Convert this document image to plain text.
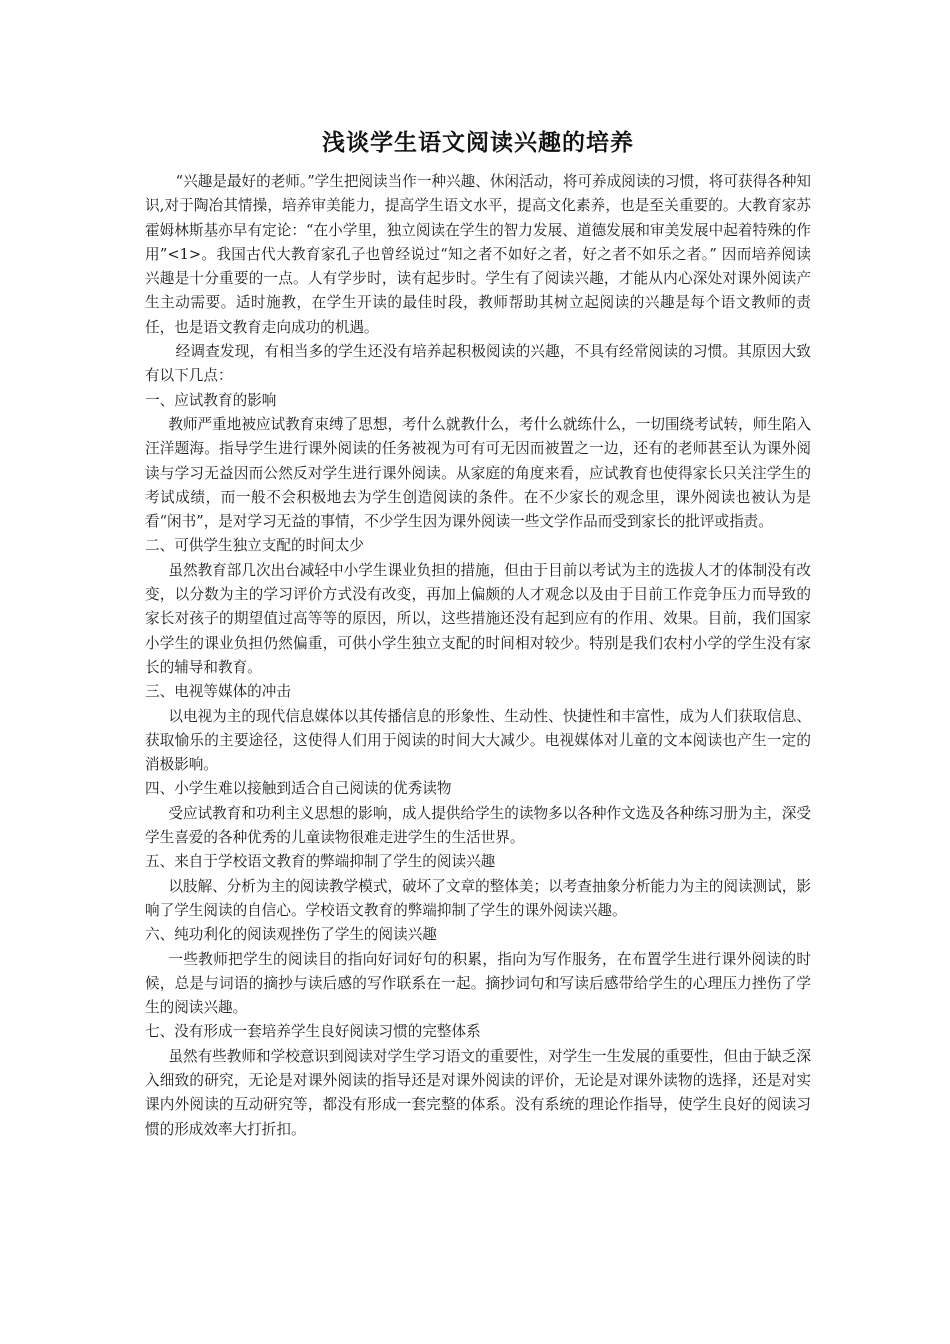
浅谈学生语文阅读兴趣的培养

“兴趣是最好的老师。”学生把阅读当作一种兴趣、休闲活动，将可养成阅读的习惯，将可获得各种知识,对于陶冶其情操，培养审美能力，提高学生语文水平，提高文化素养，也是至关重要的。大教育家苏霍姆林斯基亦早有定论：“在小学里，独立阅读在学生的智力发展、道德发展和审美发展中起着特殊的作用”<1>。我国古代大教育家孔子也曾经说过“知之者不如好之者，好之者不如乐之者。” 因而培养阅读兴趣是十分重要的一点。人有学步时，读有起步时。学生有了阅读兴趣，才能从内心深处对课外阅读产生主动需要。适时施教，在学生开读的最佳时段，教师帮助其树立起阅读的兴趣是每个语文教师的责任，也是语文教育走向成功的机遇。

经调查发现，有相当多的学生还没有培养起积极阅读的兴趣，不具有经常阅读的习惯。其原因大致有以下几点：

一、应试教育的影响

教师严重地被应试教育束缚了思想，考什么就教什么，考什么就练什么，一切围绕考试转，师生陷入汪洋题海。指导学生进行课外阅读的任务被视为可有可无因而被置之一边，还有的老师甚至认为课外阅读与学习无益因而公然反对学生进行课外阅读。从家庭的角度来看，应试教育也使得家长只关注学生的考试成绩，而一般不会积极地去为学生创造阅读的条件。在不少家长的观念里，课外阅读也被认为是看“闲书”，是对学习无益的事情，不少学生因为课外阅读一些文学作品而受到家长的批评或指责。

二、可供学生独立支配的时间太少

虽然教育部几次出台减轻中小学生课业负担的措施，但由于目前以考试为主的选拔人才的体制没有改变，以分数为主的学习评价方式没有改变，再加上偏颇的人才观念以及由于目前工作竞争压力而导致的家长对孩子的期望值过高等等的原因，所以，这些措施还没有起到应有的作用、效果。目前，我们国家小学生的课业负担仍然偏重，可供小学生独立支配的时间相对较少。特别是我们农村小学的学生没有家长的辅导和教育。

三、电视等媒体的冲击

以电视为主的现代信息媒体以其传播信息的形象性、生动性、快捷性和丰富性，成为人们获取信息、获取愉乐的主要途径，这使得人们用于阅读的时间大大减少。电视媒体对儿童的文本阅读也产生一定的消极影响。

四、小学生难以接触到适合自己阅读的优秀读物

受应试教育和功利主义思想的影响，成人提供给学生的读物多以各种作文选及各种练习册为主，深受学生喜爱的各种优秀的儿童读物很难走进学生的生活世界。

五、来自于学校语文教育的弊端抑制了学生的阅读兴趣

以肢解、分析为主的阅读教学模式，破坏了文章的整体美；以考查抽象分析能力为主的阅读测试，影响了学生阅读的自信心。学校语文教育的弊端抑制了学生的课外阅读兴趣。

六、纯功利化的阅读观挫伤了学生的阅读兴趣

一些教师把学生的阅读目的指向好词好句的积累，指向为写作服务，在布置学生进行课外阅读的时候，总是与词语的摘抄与读后感的写作联系在一起。摘抄词句和写读后感带给学生的心理压力挫伤了学生的阅读兴趣。

七、没有形成一套培养学生良好阅读习惯的完整体系

虽然有些教师和学校意识到阅读对学生学习语文的重要性，对学生一生发展的重要性，但由于缺乏深入细致的研究，无论是对课外阅读的指导还是对课外阅读的评价，无论是对课外读物的选择，还是对实课内外阅读的互动研究等，都没有形成一套完整的体系。没有系统的理论作指导，使学生良好的阅读习惯的形成效率大打折扣。
